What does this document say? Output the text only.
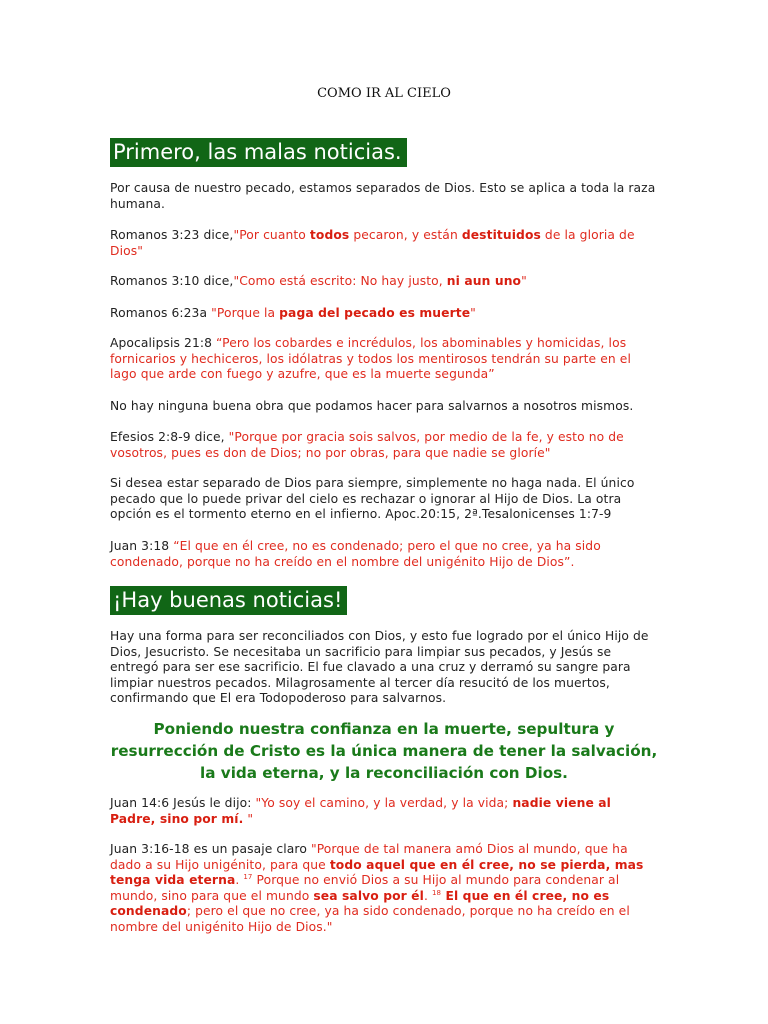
COMO IR AL CIELO
Primero, las malas noticias.

Por causa de nuestro pecado, estamos separados de Dios. Esto se aplica a toda la raza humana.

Romanos 3:23 dice,"Por cuanto todos pecaron, y están destituidos de la gloria de Dios"

Romanos 3:10 dice,"Como está escrito: No hay justo, ni aun uno"

Romanos 6:23a "Porque la paga del pecado es muerte"

Apocalipsis 21:8 “Pero los cobardes e incrédulos, los abominables y homicidas, los fornicarios y hechiceros, los idólatras y todos los mentirosos tendrán su parte en el lago que arde con fuego y azufre, que es la muerte segunda”

No hay ninguna buena obra que podamos hacer para salvarnos a nosotros mismos.

Efesios 2:8-9 dice, "Porque por gracia sois salvos, por medio de la fe, y esto no de vosotros, pues es don de Dios; no por obras, para que nadie se gloríe"

Si desea estar separado de Dios para siempre, simplemente no haga nada. El único pecado que lo puede privar del cielo es rechazar o ignorar al Hijo de Dios. La otra opción es el tormento eterno en el infierno. Apoc.20:15, 2ª.Tesalonicenses 1:7-9

Juan 3:18 “El que en él cree, no es condenado; pero el que no cree, ya ha sido condenado, porque no ha creído en el nombre del unigénito Hijo de Dios”.

¡Hay buenas noticias!

Hay una forma para ser reconciliados con Dios, y esto fue logrado por el único Hijo de Dios, Jesucristo. Se necesitaba un sacrificio para limpiar sus pecados, y Jesús se entregó para ser ese sacrificio. El fue clavado a una cruz y derramó su sangre para limpiar nuestros pecados. Milagrosamente al tercer día resucitó de los muertos, confirmando que El era Todopoderoso para salvarnos.

Poniendo nuestra confianza en la muerte, sepultura y resurrección de Cristo es la única manera de tener la salvación, la vida eterna, y la reconciliación con Dios.

Juan 14:6 Jesús le dijo: "Yo soy el camino, y la verdad, y la vida; nadie viene al Padre, sino por mí. "

Juan 3:16-18 es un pasaje claro "Porque de tal manera amó Dios al mundo, que ha dado a su Hijo unigénito, para que todo aquel que en él cree, no se pierda, mas tenga vida eterna. $^{17}$ Porque no envió Dios a su Hijo al mundo para condenar al mundo, sino para que el mundo sea salvo por él. $^{18}$ El que en él cree, no es condenado; pero el que no cree, ya ha sido condenado, porque no ha creído en el nombre del unigénito Hijo de Dios."
